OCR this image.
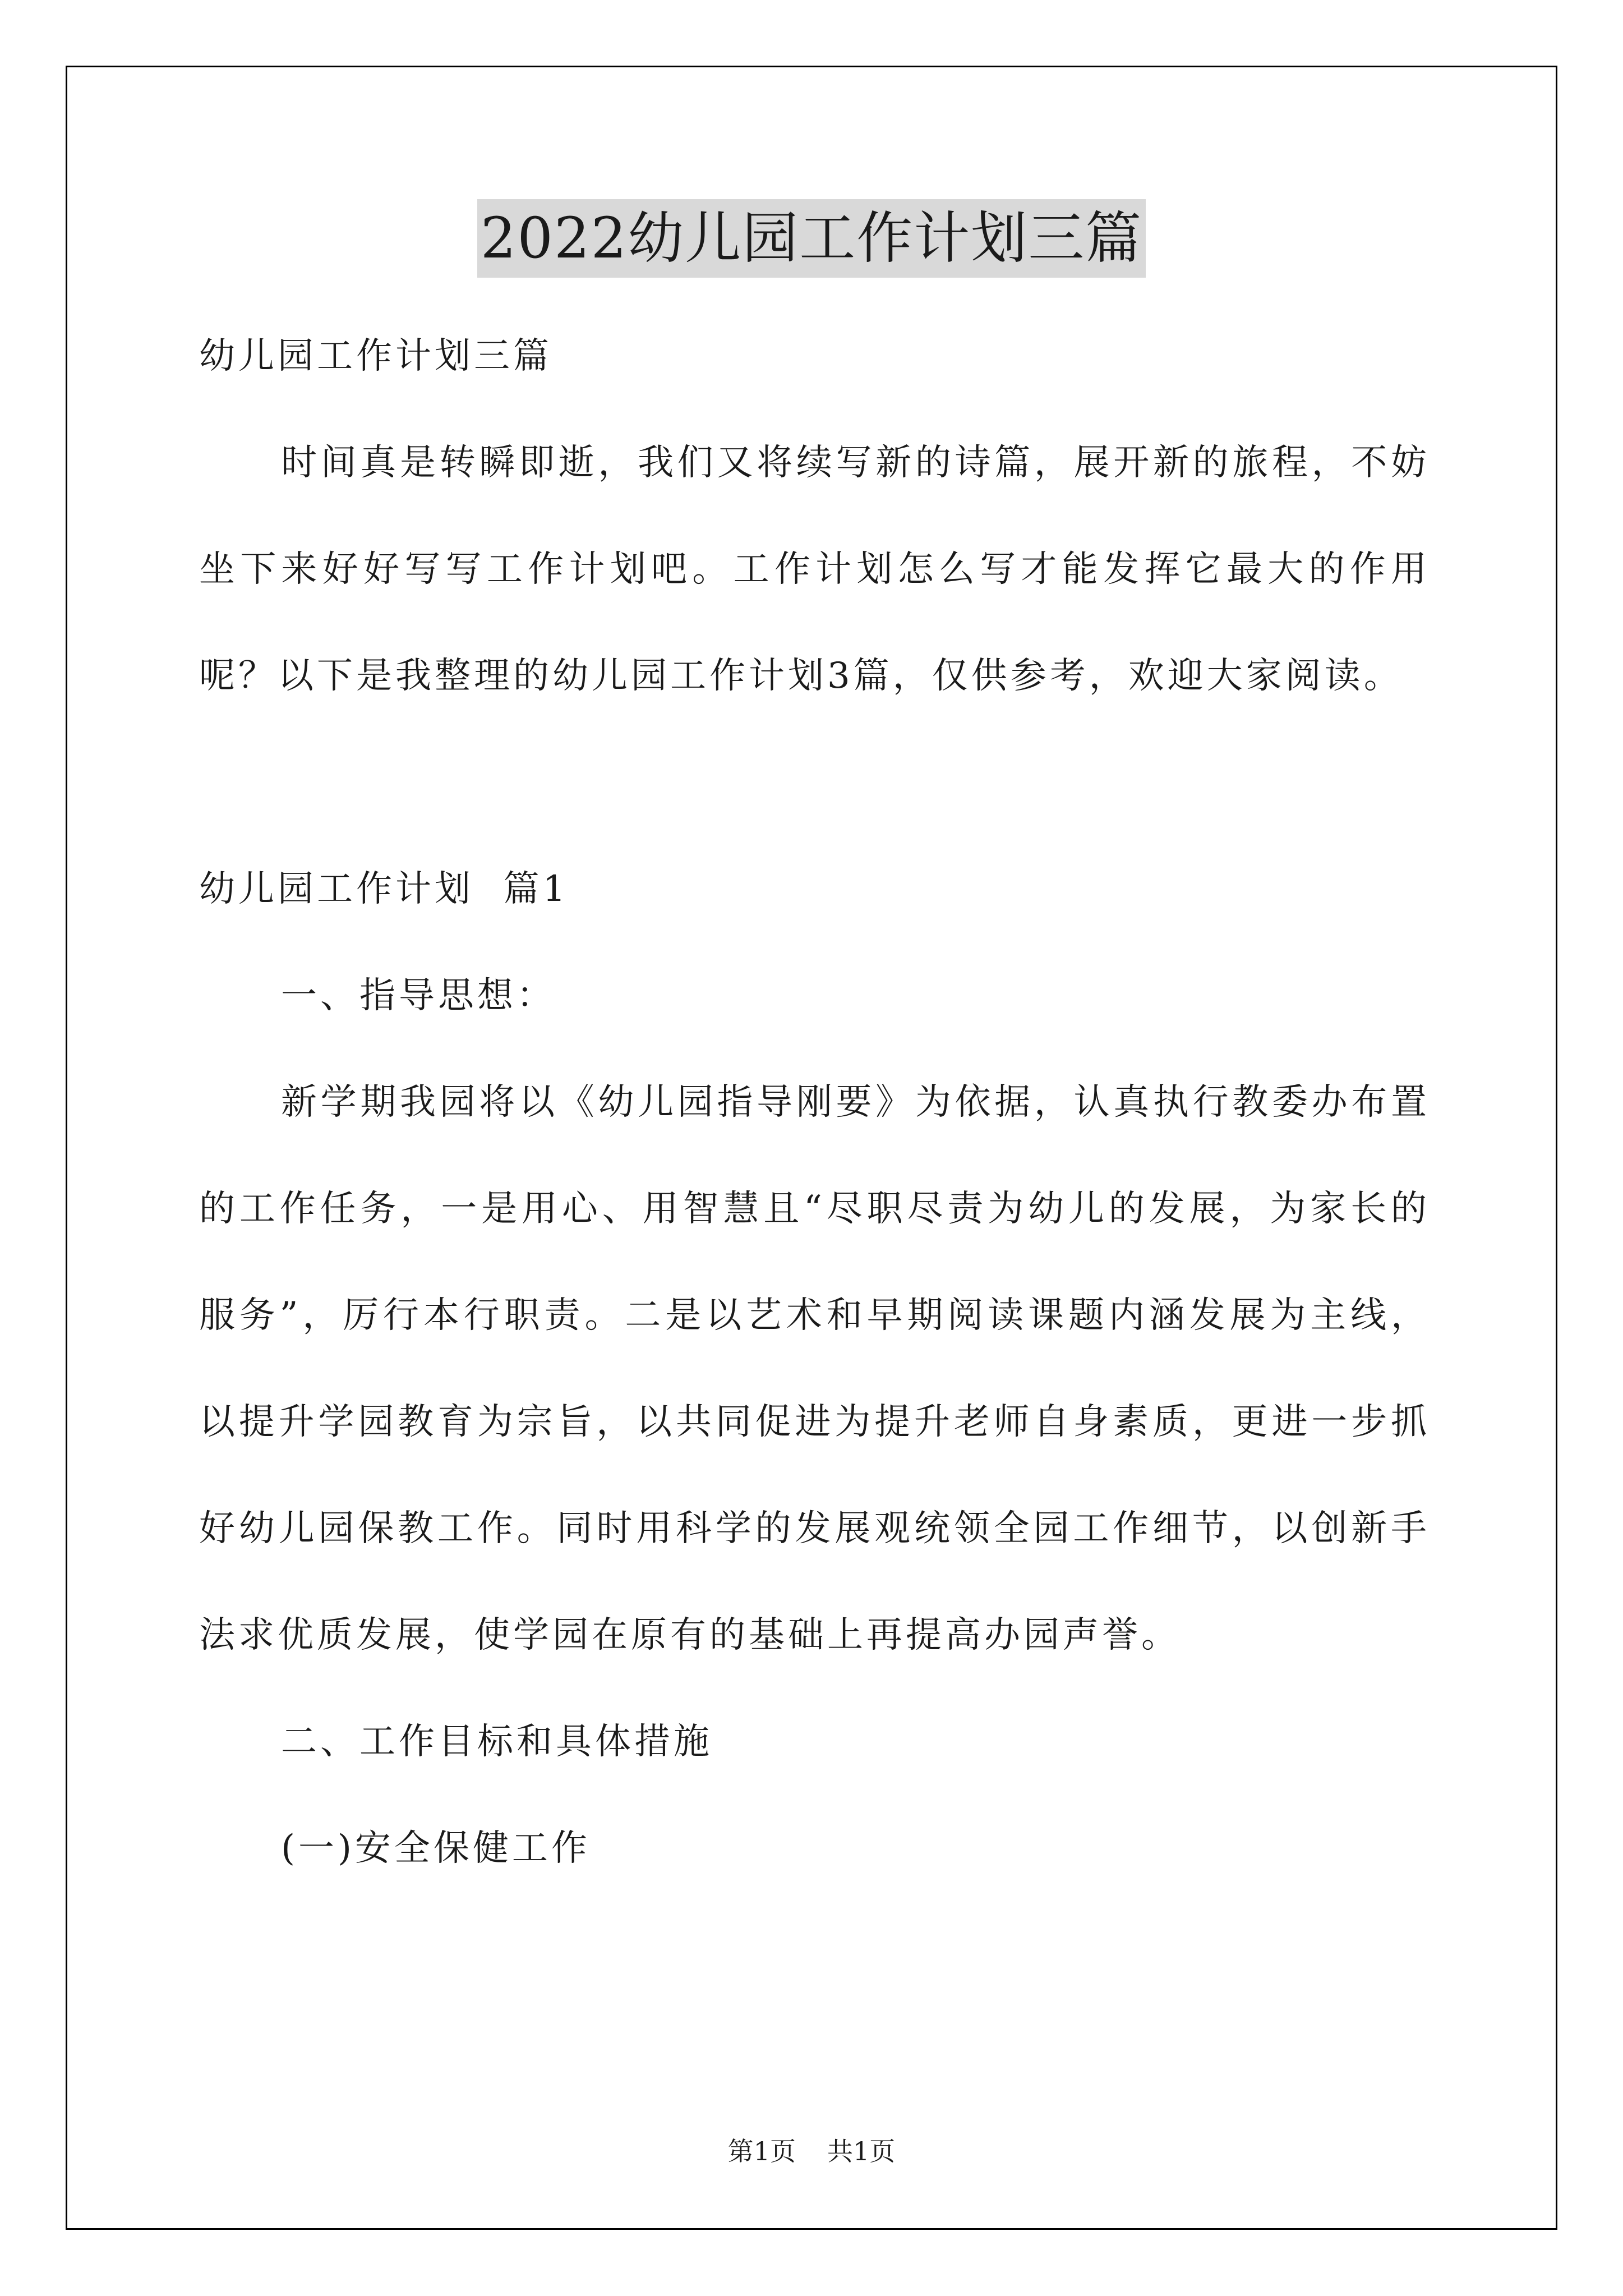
2022幼儿园工作计划三篇

幼儿园工作计划三篇

时间真是转瞬即逝，我们又将续写新的诗篇，展开新的旅程，不妨坐下来好好写写工作计划吧。工作计划怎么写才能发挥它最大的作用呢？以下是我整理的幼儿园工作计划3篇，仅供参考，欢迎大家阅读。

幼儿园工作计划  篇1

一、指导思想：

新学期我园将以《幼儿园指导刚要》为依据，认真执行教委办布置的工作任务，一是用心、用智慧且“尽职尽责为幼儿的发展，为家长的服务”，厉行本行职责。二是以艺术和早期阅读课题内涵发展为主线，以提升学园教育为宗旨，以共同促进为提升老师自身素质，更进一步抓好幼儿园保教工作。同时用科学的发展观统领全园工作细节，以创新手法求优质发展，使学园在原有的基础上再提高办园声誉。

二、工作目标和具体措施

(一)安全保健工作

第1页 共1页
